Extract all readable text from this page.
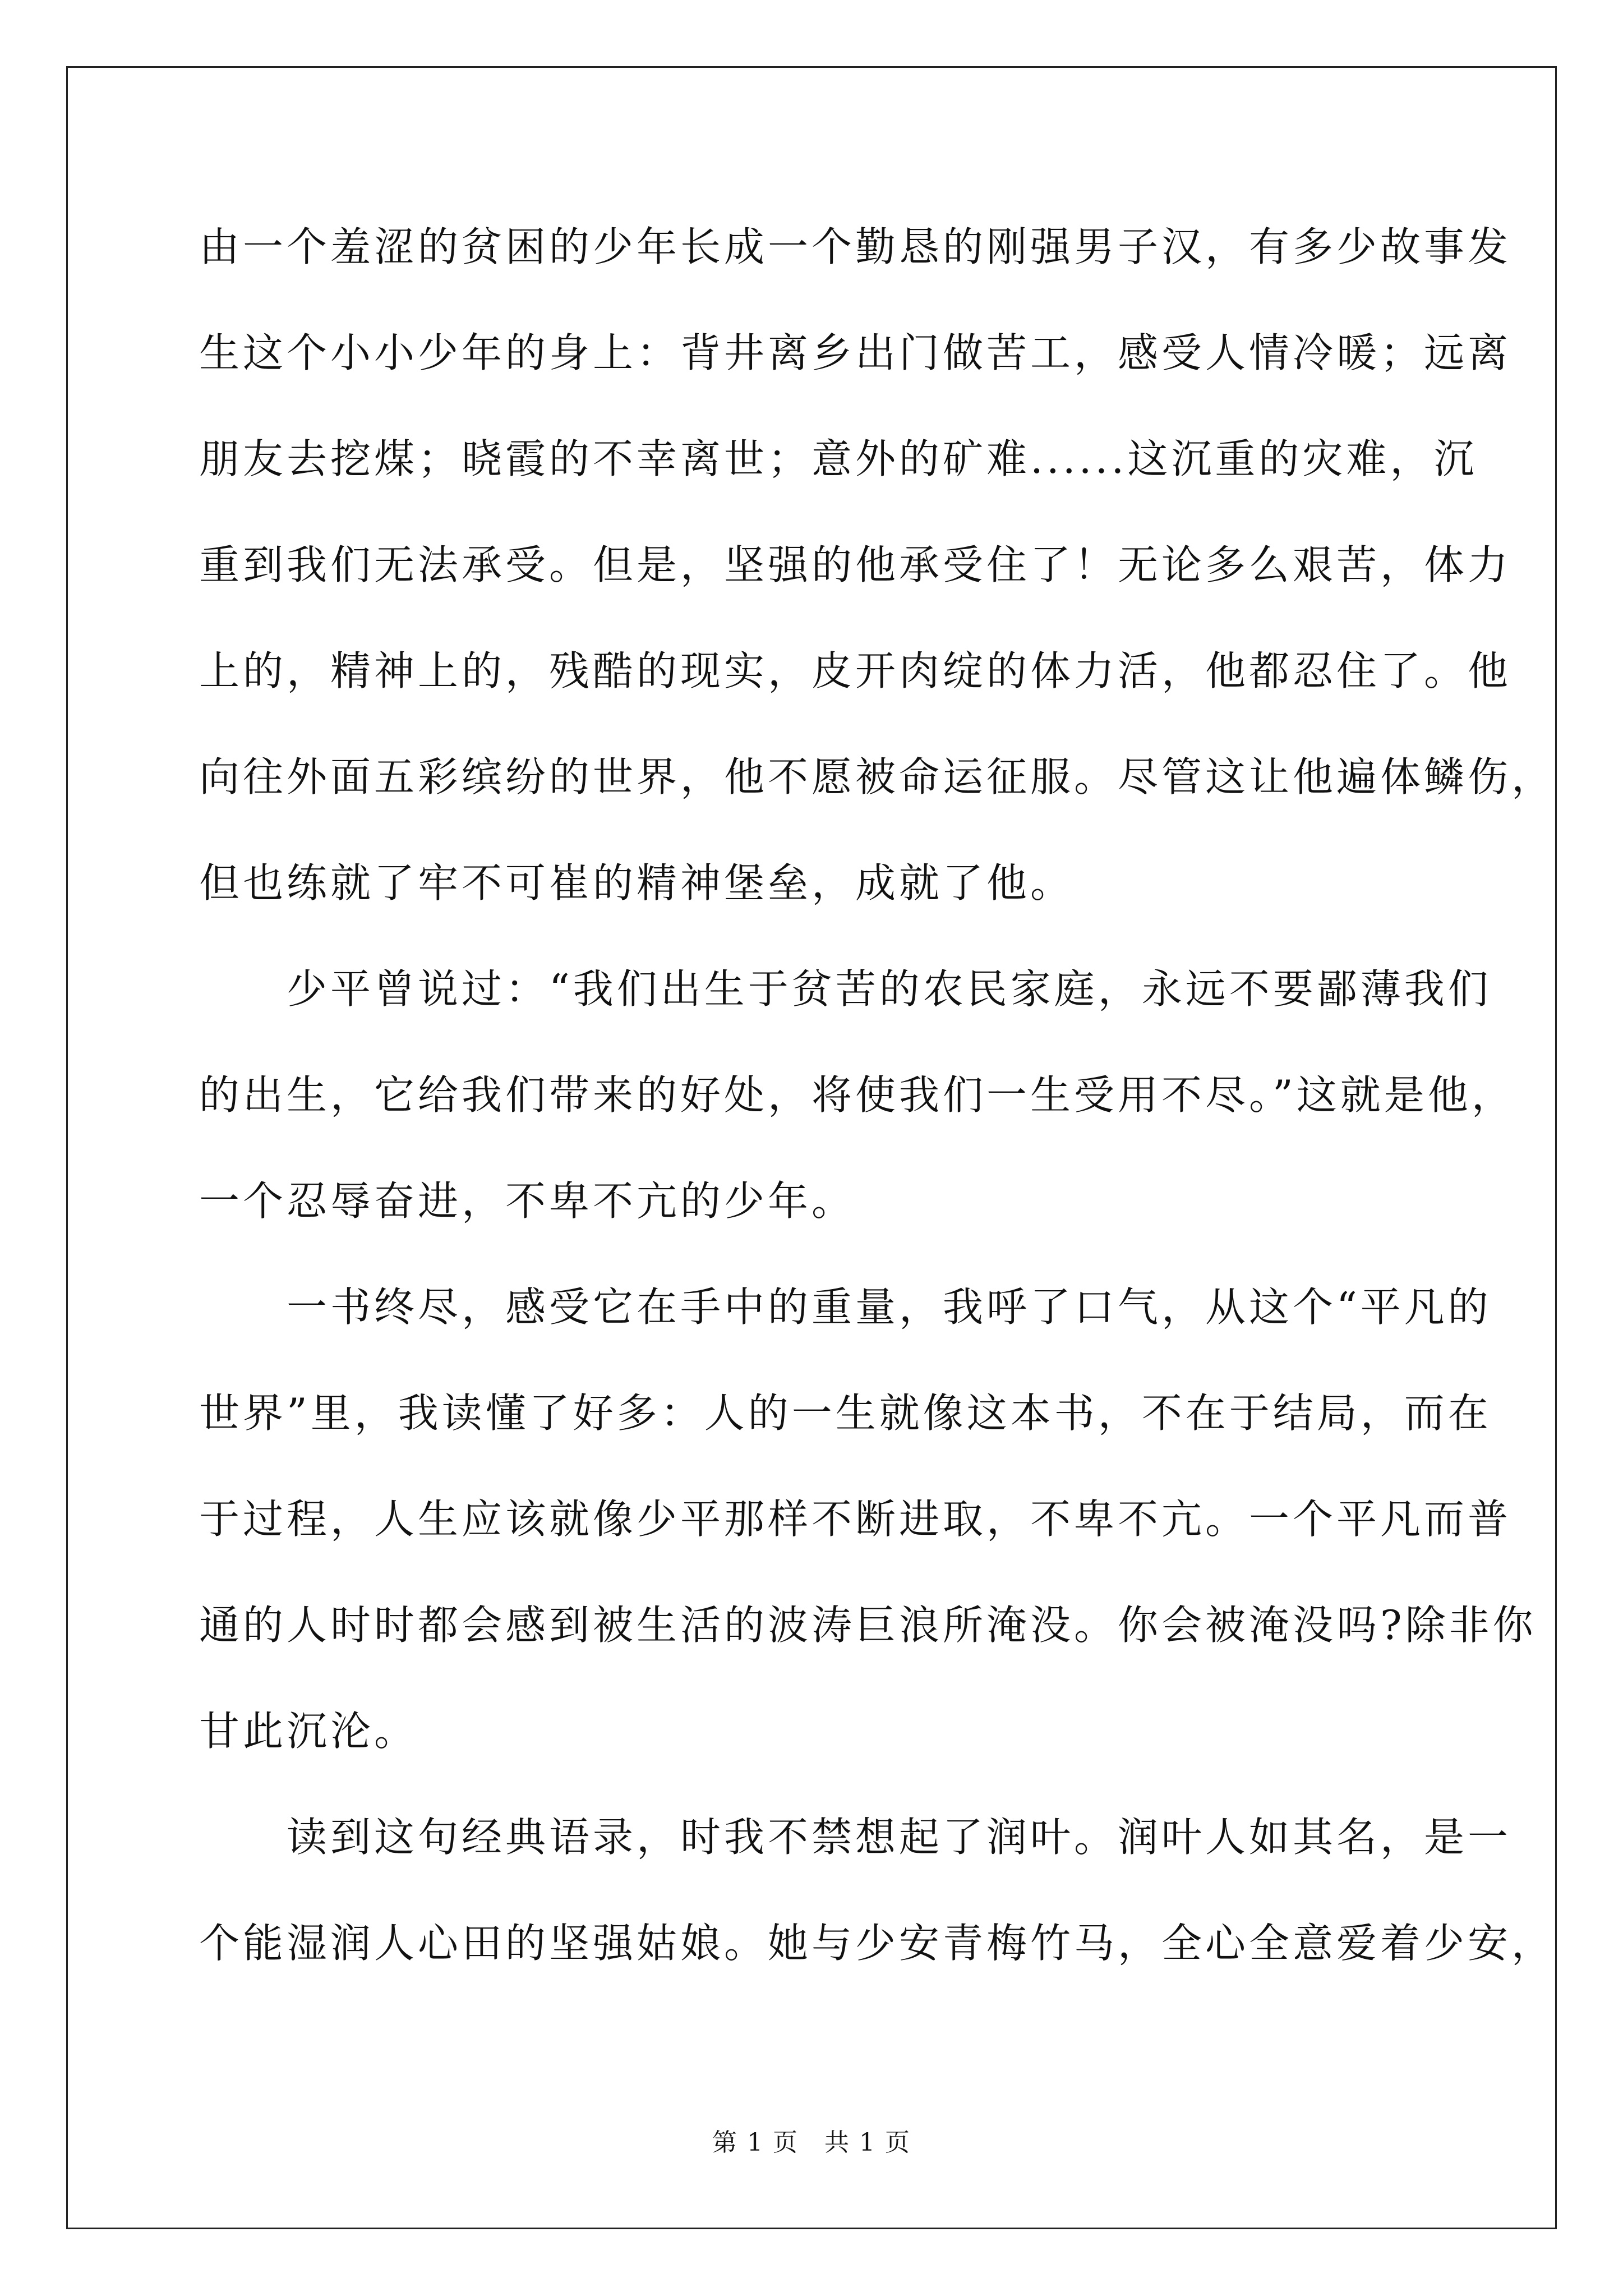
由一个羞涩的贫困的少年长成一个勤恳的刚强男子汉，有多少故事发
生这个小小少年的身上：背井离乡出门做苦工，感受人情冷暖；远离
朋友去挖煤；晓霞的不幸离世；意外的矿难......这沉重的灾难，沉
重到我们无法承受。但是，坚强的他承受住了！无论多么艰苦，体力
上的，精神上的，残酷的现实，皮开肉绽的体力活，他都忍住了。他
向往外面五彩缤纷的世界，他不愿被命运征服。尽管这让他遍体鳞伤，
但也练就了牢不可崔的精神堡垒，成就了他。
　　少平曾说过：“我们出生于贫苦的农民家庭，永远不要鄙薄我们
的出生，它给我们带来的好处，将使我们一生受用不尽。”这就是他，
一个忍辱奋进，不卑不亢的少年。
　　一书终尽，感受它在手中的重量，我呼了口气，从这个“平凡的
世界”里，我读懂了好多：人的一生就像这本书，不在于结局，而在
于过程，人生应该就像少平那样不断进取，不卑不亢。一个平凡而普
通的人时时都会感到被生活的波涛巨浪所淹没。你会被淹没吗?除非你
甘此沉沦。
　　读到这句经典语录，时我不禁想起了润叶。润叶人如其名，是一
个能湿润人心田的坚强姑娘。她与少安青梅竹马，全心全意爱着少安，
第 1 页　共 1 页
